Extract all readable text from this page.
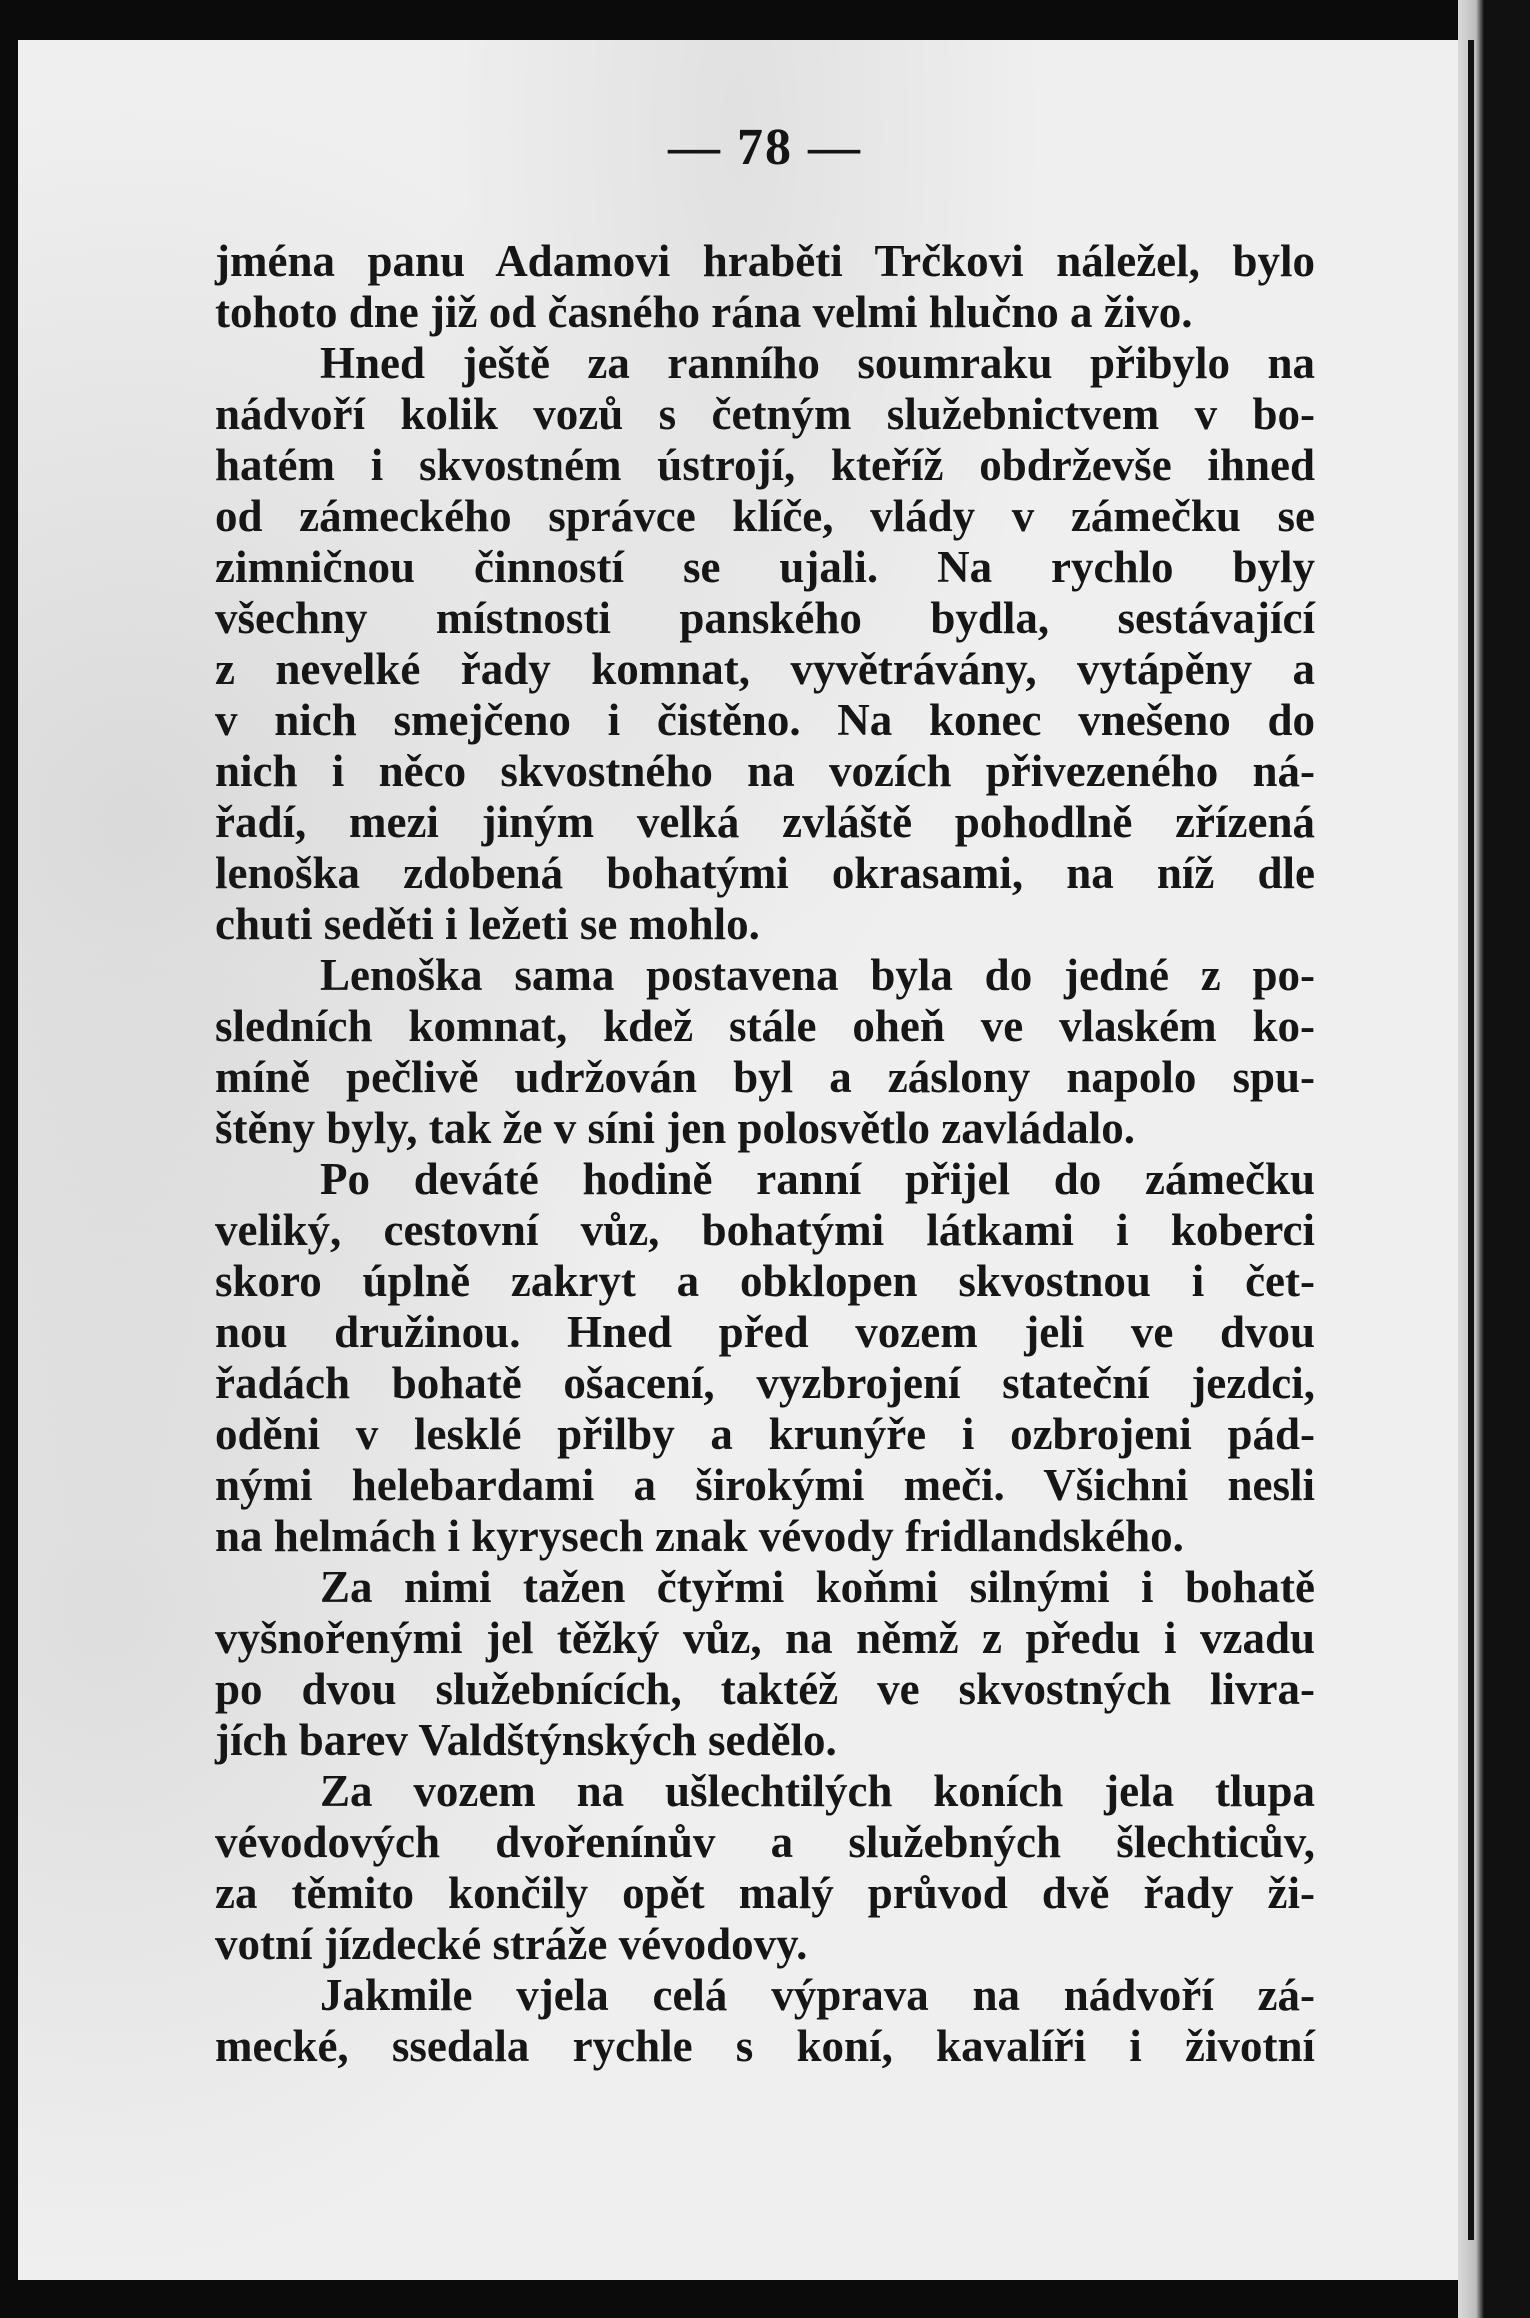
— 78 —
jména panu Adamovi hraběti Trčkovi náležel, bylo
tohoto dne již od časného rána velmi hlučno a živo.
Hned ještě za ranního soumraku přibylo na
nádvoří kolik vozů s četným služebnictvem v bo-
hatém i skvostném ústrojí, kteříž obdrževše ihned
od zámeckého správce klíče, vlády v zámečku se
zimničnou činností se ujali. Na rychlo byly
všechny místnosti panského bydla, sestávající
z nevelké řady komnat, vyvětrávány, vytápěny a
v nich smejčeno i čistěno. Na konec vnešeno do
nich i něco skvostného na vozích přivezeného ná-
řadí, mezi jiným velká zvláště pohodlně zřízená
lenoška zdobená bohatými okrasami, na níž dle
chuti seděti i ležeti se mohlo.
Lenoška sama postavena byla do jedné z po-
sledních komnat, kdež stále oheň ve vlaském ko-
míně pečlivě udržován byl a záslony napolo spu-
štěny byly, tak že v síni jen polosvětlo zavládalo.
Po deváté hodině ranní přijel do zámečku
veliký, cestovní vůz, bohatými látkami i koberci
skoro úplně zakryt a obklopen skvostnou i čet-
nou družinou. Hned před vozem jeli ve dvou
řadách bohatě ošacení, vyzbrojení stateční jezdci,
oděni v lesklé přilby a krunýře i ozbrojeni pád-
nými helebardami a širokými meči. Všichni nesli
na helmách i kyrysech znak vévody fridlandského.
Za nimi tažen čtyřmi koňmi silnými i bohatě
vyšnořenými jel těžký vůz, na němž z předu i vzadu
po dvou služebnících, taktéž ve skvostných livra-
jích barev Valdštýnských sedělo.
Za vozem na ušlechtilých koních jela tlupa
vévodových dvořenínův a služebných šlechticův,
za těmito končily opět malý průvod dvě řady ži-
votní jízdecké stráže vévodovy.
Jakmile vjela celá výprava na nádvoří zá-
mecké, ssedala rychle s koní, kavalíři i životní
